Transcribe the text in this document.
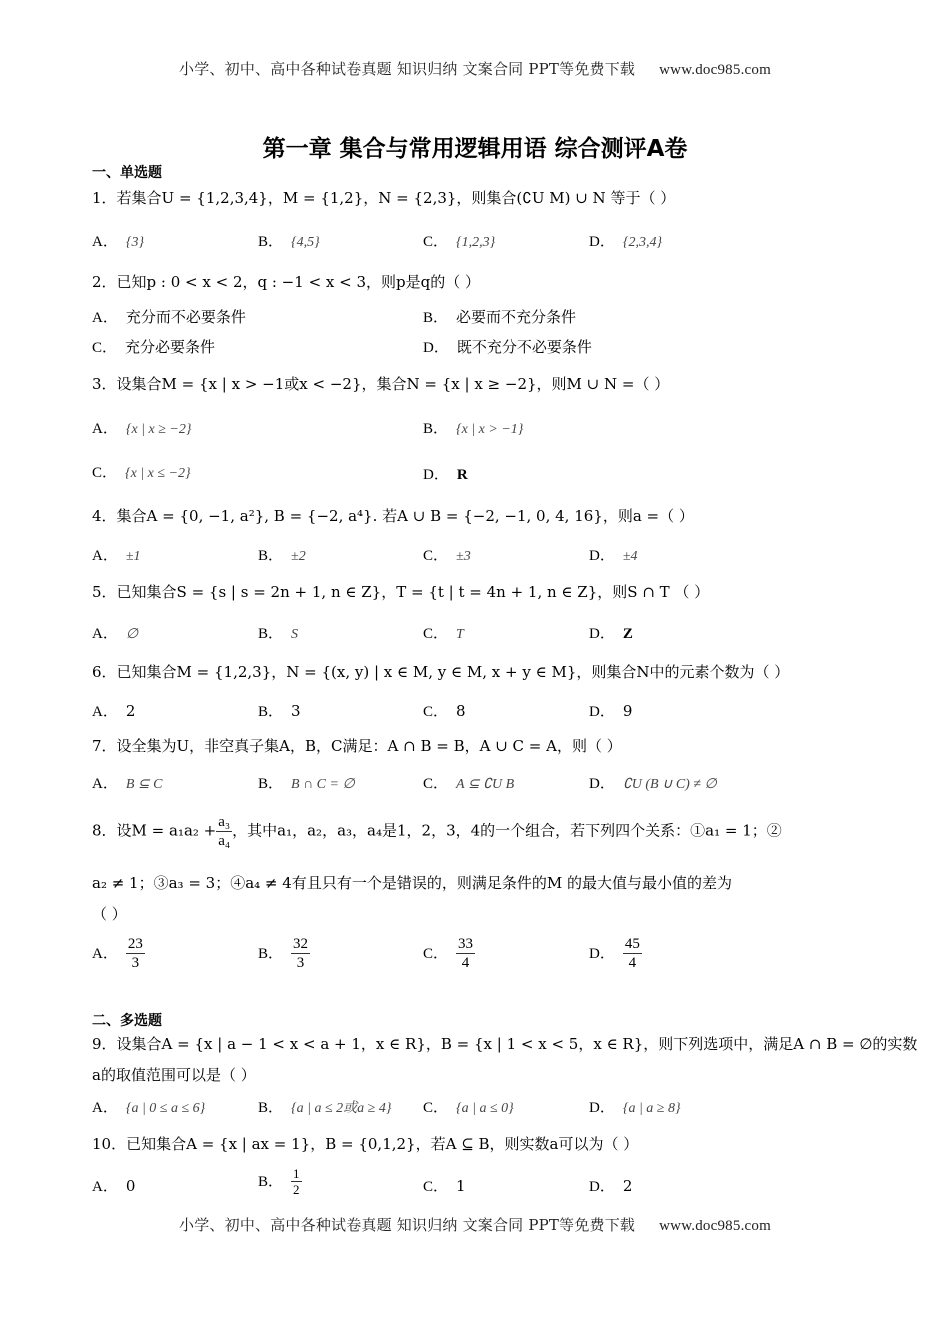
小学、初中、高中各种试卷真题 知识归纳 文案合同 PPT等免费下载 www.doc985.com
第一章 集合与常用逻辑用语 综合测评A卷
一、单选题
1．若集合U = {1,2,3,4}，M = {1,2}，N = {2,3}，则集合(∁U M) ∪ N 等于（ ）
A． {3}	B． {4,5}	C． {1,2,3}	D． {2,3,4}
2．已知p : 0 < x < 2，q : −1 < x < 3，则p是q的（ ）
A． 充分而不必要条件	B． 必要而不充分条件
C． 充分必要条件	D． 既不充分不必要条件
3．设集合M = {x | x > −1或x < −2}，集合N = {x | x ≥ −2}，则M ∪ N =（ ）
A． {x | x ≥ −2}	B． {x | x > −1}
C． {x | x ≤ −2}	D． R
4．集合A = {0, −1, a²}, B = {−2, a⁴}. 若A ∪ B = {−2, −1, 0, 4, 16}，则a =（ ）
A． ±1	B． ±2	C． ±3	D． ±4
5．已知集合S = {s | s = 2n + 1, n ∈ Z}，T = {t | t = 4n + 1, n ∈ Z}，则S ∩ T （ ）
A． ∅	B． S	C． T	D． Z
6．已知集合M = {1,2,3}，N = {(x, y) | x ∈ M, y ∈ M, x + y ∈ M}，则集合N中的元素个数为（ ）
A． 2	B． 3	C． 8	D． 9
7．设全集为U，非空真子集A，B，C满足：A ∩ B = B，A ∪ C = A，则（ ）
A． B ⊆ C	B． B ∩ C = ∅	C． A ⊆ ∁U B	D． ∁U (B ∪ C) ≠ ∅
8．设$M = a_1a_2 + \frac{\text{a₃}}{\text{a₄}}$ ，其中a₁，a₂，a₃，a₄是1，2，3，4的一个组合，若下列四个关系：①a₁ = 1；②
a₂ ≠ 1；③a₃ = 3；④a₄ ≠ 4有且只有一个是错误的，则满足条件的M 的最大值与最小值的差为
（ ）
A． $\frac{23}{3}$	B． $\frac{32}{3}$	C． $\frac{33}{4}$	D． $\frac{45}{4}$
二、多选题
9．设集合A = {x | a − 1 < x < a + 1，x ∈ R}，B = {x | 1 < x < 5，x ∈ R}，则下列选项中，满足A ∩ B = ∅的实数
a的取值范围可以是（ ）
A． {a | 0 ≤ a ≤ 6}	B． {a | a ≤ 2或a ≥ 4} C． {a | a ≤ 0}	D． {a | a ≥ 8}
10．已知集合A = {x | ax = 1}，B = {0,1,2}，若A ⊆ B，则实数a可以为（ ）
A． 0	B． $\frac{1}{2}$	C． 1	D． 2
小学、初中、高中各种试卷真题 知识归纳 文案合同 PPT等免费下载 www.doc985.com
